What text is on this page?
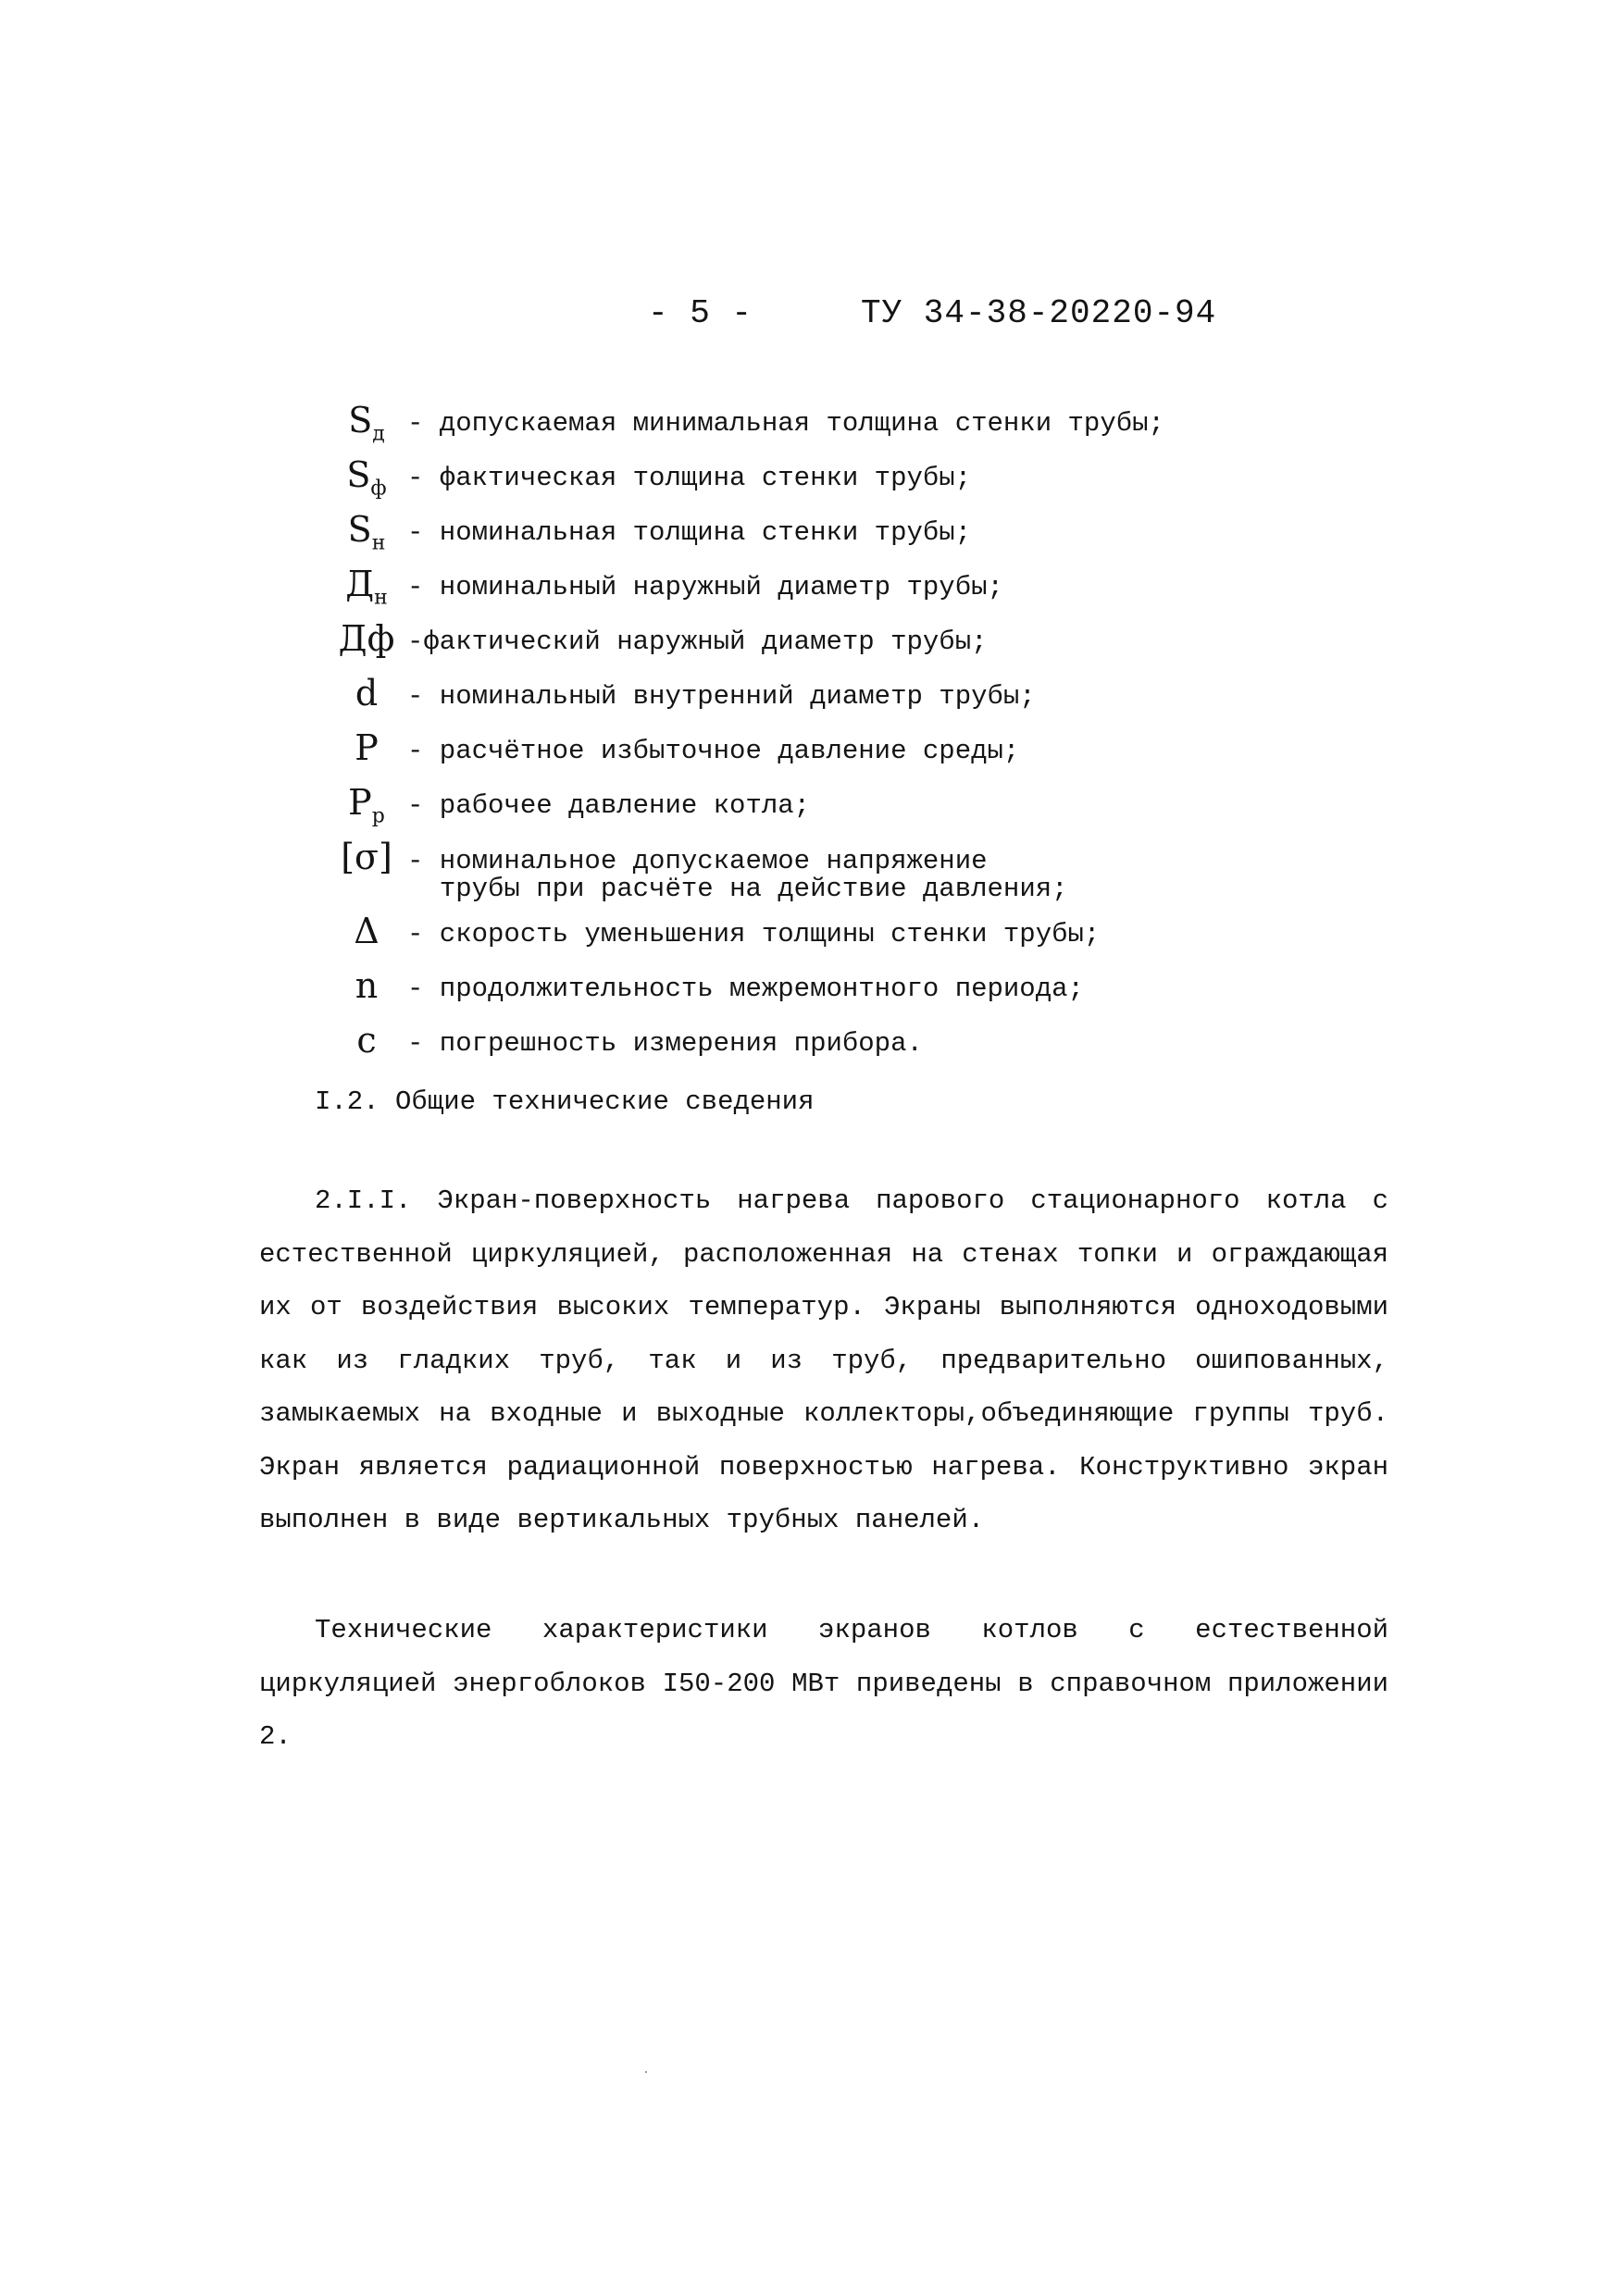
- 5 -	ТУ 34-38-20220-94
$S_д$ - допускаемая минимальная толщина стенки трубы;
$S_ф$ - фактическая толщина стенки трубы;
$S_н$ - номинальная толщина стенки трубы;
$Д_н$ - номинальный наружный диаметр трубы;
Дф -фактический наружный диаметр трубы;
d	- номинальный внутренний диаметр трубы;
P	- расчётное избыточное давление среды;
$P_р$ - рабочее давление котла;
[σ] - номинальное допускаемое напряжение
трубы при расчёте на действие давления;
Δ	- скорость уменьшения толщины стенки трубы;
n	- продолжительность межремонтного периода;
c	- погрешность измерения прибора.
I.2. Общие технические сведения

2.I.I. Экран-поверхность нагрева парового стационарного котла с естественной циркуляцией, расположенная на стенах топки и ограждающая их от воздействия высоких температур. Экраны выполняются одноходовыми как из гладких труб, так и из труб, предварительно ошипованных, замыкаемых на входные и выходные коллекторы,объединяющие группы труб. Экран является радиационной поверхностью нагрева. Конструктивно экран выполнен в виде вертикальных трубных панелей.

Технические характеристики экранов котлов с естественной циркуляцией энергоблоков I50-200 МВт приведены в справочном приложении 2.
